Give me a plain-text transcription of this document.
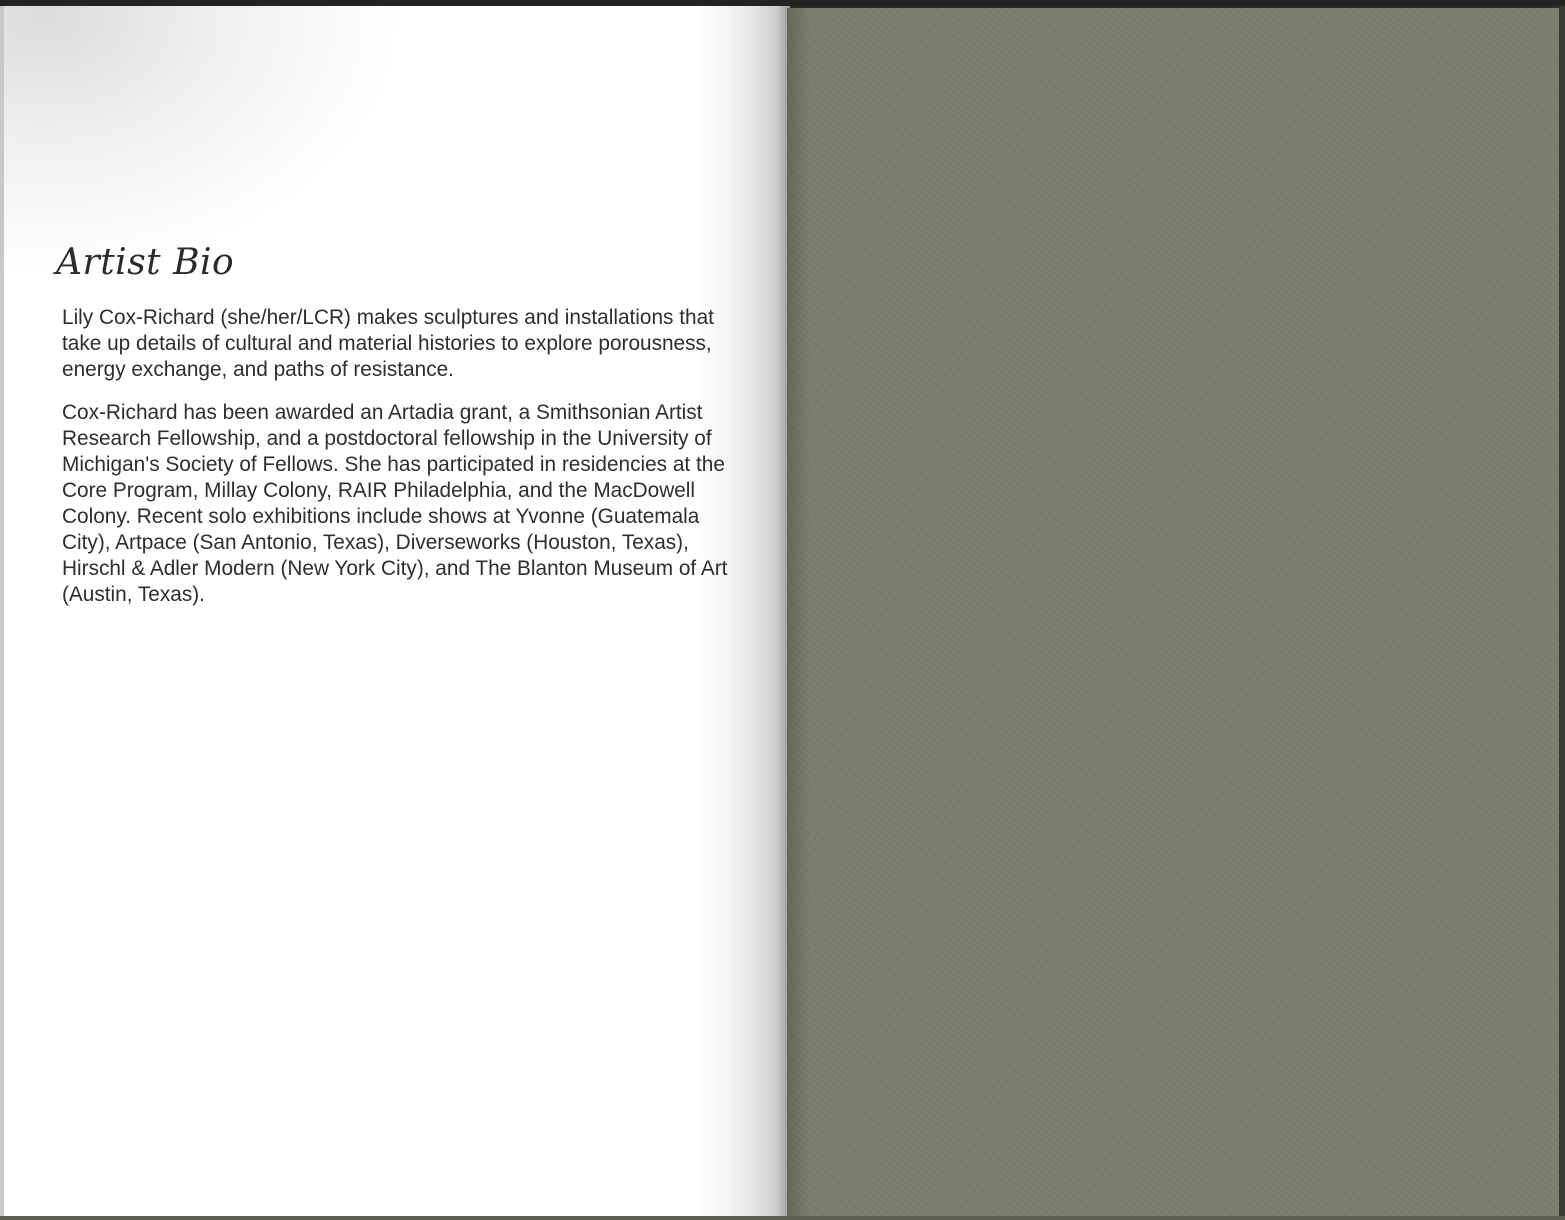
Artist Bio

Lily Cox-Richard (she/her/LCR) makes sculptures and installations that take up details of cultural and material histories to explore porousness, energy exchange, and paths of resistance.

Cox-Richard has been awarded an Artadia grant, a Smithsonian Artist Research Fellowship, and a postdoctoral fellowship in the University of Michigan's Society of Fellows. She has participated in residencies at the Core Program, Millay Colony, RAIR Philadelphia, and the MacDowell Colony. Recent solo exhibitions include shows at Yvonne (Guatemala City), Artpace (San Antonio, Texas), Diverseworks (Houston, Texas), Hirschl & Adler Modern (New York City), and The Blanton Museum of Art (Austin, Texas).
